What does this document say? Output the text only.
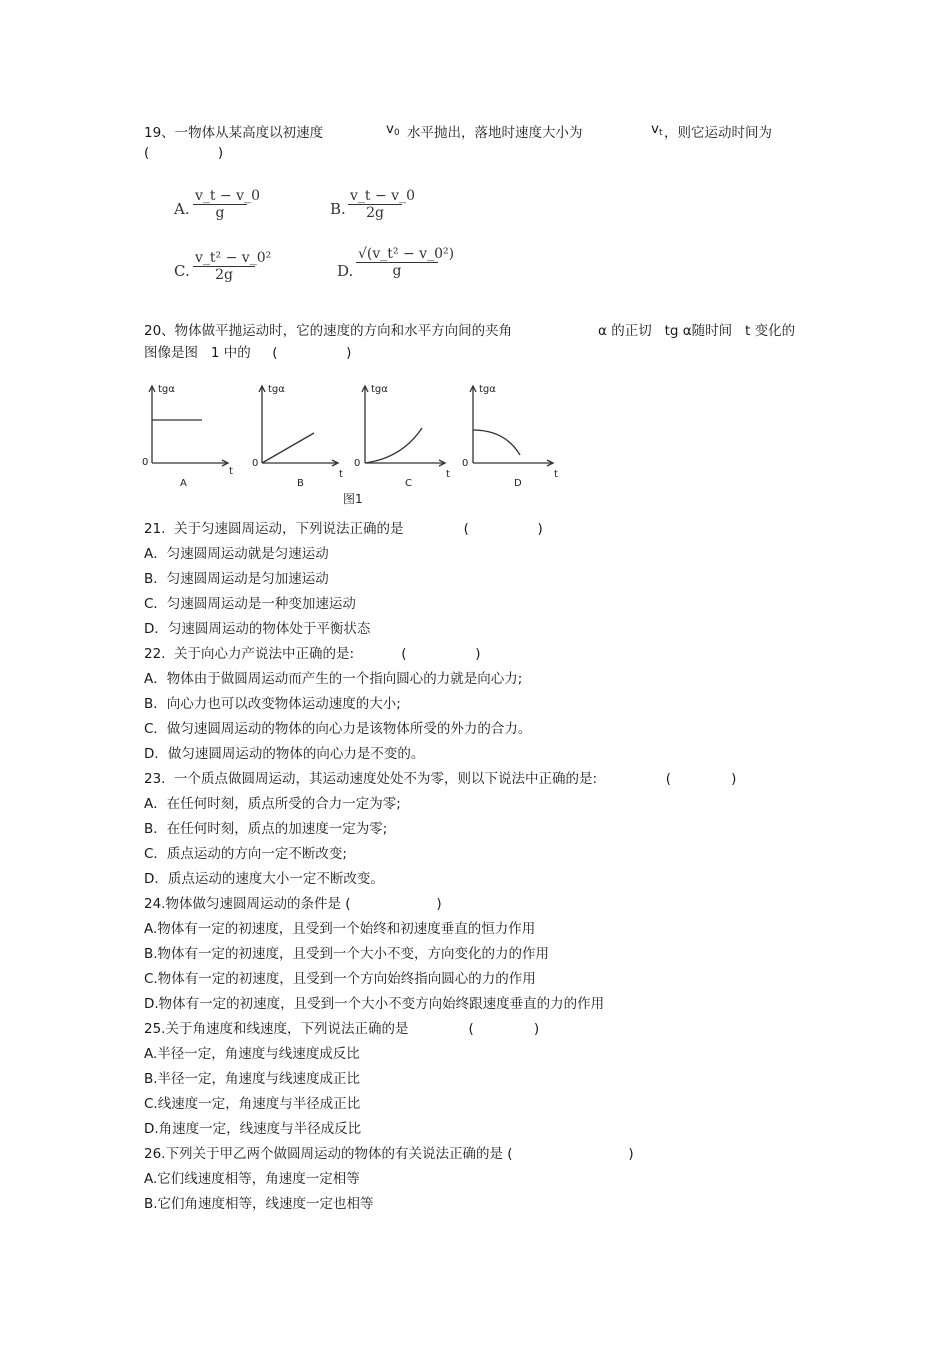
19、一物体从某高度以初速度	$v_0$ 水平抛出，落地时速度大小为	$v_t$ ，则它运动时间为
(                )
A. $\frac{v\_t - v\_0}{g}$	B. $\frac{v\_t - v\_0}{2g}$
C. $\frac{\text{v\_t² − v\_0²}}{2g}$	D. $\frac{\text{√(v\_t² − v\_0²)}}{g}$
20、物体做平抛运动时，它的速度的方向和水平方向间的夹角	α 的正切   tg α随时间   t 变化的
图像是图   1 中的     (                )
tgα	tgα	tgα	tgα
0	0	0	0
t	t	t	t
A	B	C	D
图1
21.  关于匀速圆周运动，下列说法正确的是              (                )
A．匀速圆周运动就是匀速运动
B．匀速圆周运动是匀加速运动
C．匀速圆周运动是一种变加速运动
D．匀速圆周运动的物体处于平衡状态
22.  关于向心力产说法中正确的是:           (                )
A．物体由于做圆周运动而产生的一个指向圆心的力就是向心力;
B．向心力也可以改变物体运动速度的大小;
C．做匀速圆周运动的物体的向心力是该物体所受的外力的合力。
D．做匀速圆周运动的物体的向心力是不变的。
23.  一个质点做圆周运动，其运动速度处处不为零，则以下说法中正确的是:                (              )
A．在任何时刻，质点所受的合力一定为零;
B．在任何时刻，质点的加速度一定为零;
C．质点运动的方向一定不断改变;
D．质点运动的速度大小一定不断改变。
24.物体做匀速圆周运动的条件是 (                    )
A.物体有一定的初速度，且受到一个始终和初速度垂直的恒力作用
B.物体有一定的初速度，且受到一个大小不变，方向变化的力的作用
C.物体有一定的初速度，且受到一个方向始终指向圆心的力的作用
D.物体有一定的初速度，且受到一个大小不变方向始终跟速度垂直的力的作用
25.关于角速度和线速度，下列说法正确的是              (              )
A.半径一定，角速度与线速度成反比
B.半径一定，角速度与线速度成正比
C.线速度一定，角速度与半径成正比
D.角速度一定，线速度与半径成反比
26.下列关于甲乙两个做圆周运动的物体的有关说法正确的是 (                           )
A.它们线速度相等，角速度一定相等
B.它们角速度相等，线速度一定也相等
